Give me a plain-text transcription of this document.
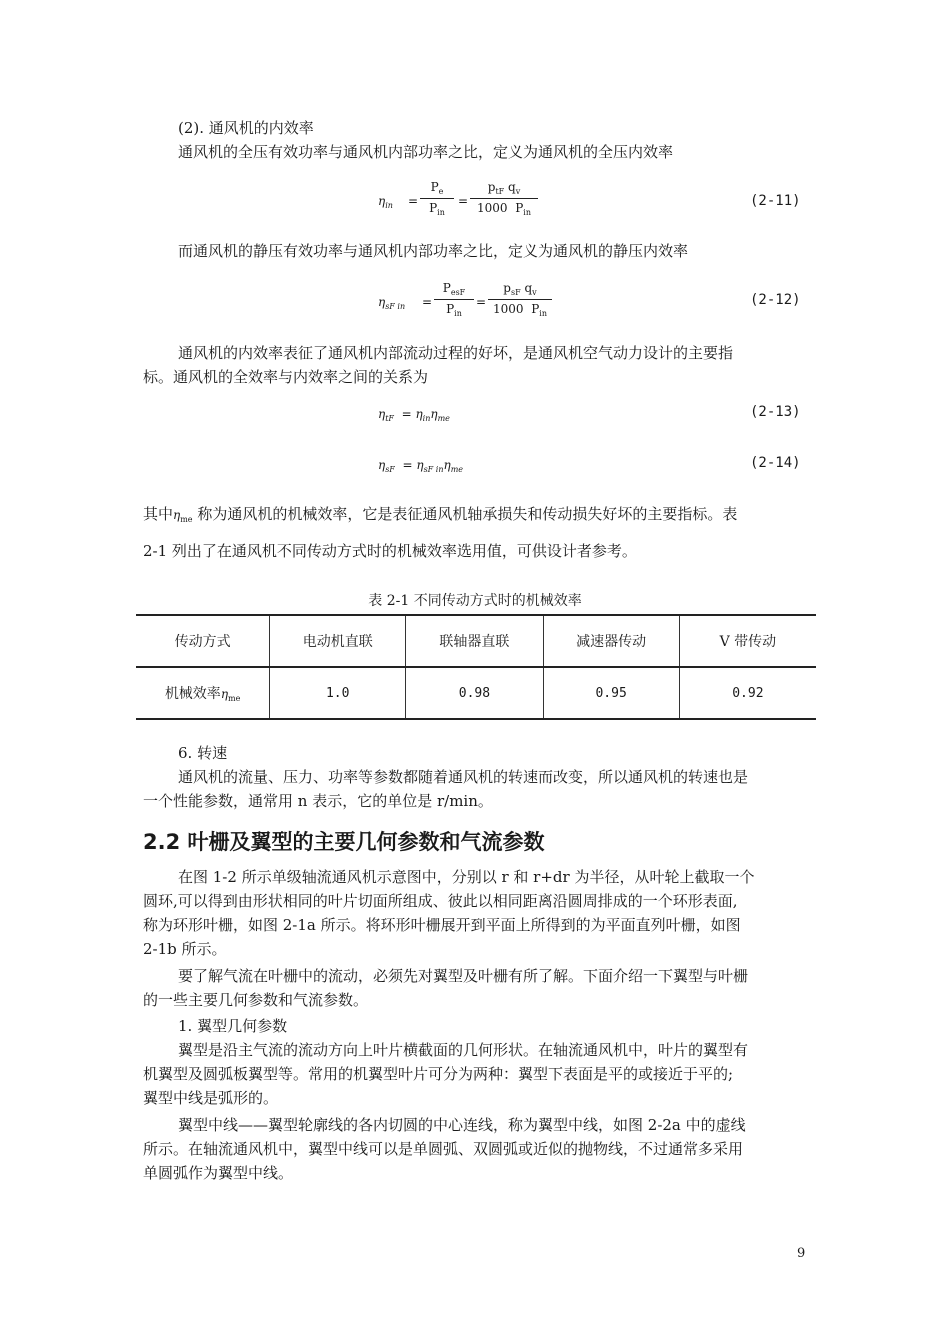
(2). 通风机的内效率
通风机的全压有效功率与通风机内部功率之比，定义为通风机的全压内效率
$\eta_{in}$ =
$P_e$
$P_{in}$
=
$p_{tF}$ $q_v$
1000 $P_{in}$
(2-11)
而通风机的静压有效功率与通风机内部功率之比，定义为通风机的静压内效率
$\eta_{sF in}$ =
$P_{esF}$
$P_{in}$
=
$p_{sF}$ $q_v$
1000 $P_{in}$
(2-12)
通风机的内效率表征了通风机内部流动过程的好坏，是通风机空气动力设计的主要指
标。通风机的全效率与内效率之间的关系为
$\eta_{tF} = \eta_{in}\eta_{me}$	(2-13)
$\eta_{sF} = \eta_{sF in}\eta_{me}$	(2-14)
其中$\eta_{me}$ 称为通风机的机械效率，它是表征通风机轴承损失和传动损失好坏的主要指标。表
2-1 列出了在通风机不同传动方式时的机械效率选用值，可供设计者参考。
表 2-1 不同传动方式时的机械效率
传动方式	电动机直联	联轴器直联	减速器传动	V 带传动
机械效率$\eta_{me}$	1.0	0.98	0.95	0.92
6. 转速
通风机的流量、压力、功率等参数都随着通风机的转速而改变，所以通风机的转速也是
一个性能参数，通常用 n 表示，它的单位是 r/min。
2.2 叶栅及翼型的主要几何参数和气流参数
在图 1-2 所示单级轴流通风机示意图中，分别以 r 和 r+dr 为半径，从叶轮上截取一个
圆环,可以得到由形状相同的叶片切面所组成、彼此以相同距离沿圆周排成的一个环形表面,
称为环形叶栅，如图 2-1a 所示。将环形叶栅展开到平面上所得到的为平面直列叶栅，如图
2-1b 所示。
要了解气流在叶栅中的流动，必须先对翼型及叶栅有所了解。下面介绍一下翼型与叶栅
的一些主要几何参数和气流参数。
1. 翼型几何参数
翼型是沿主气流的流动方向上叶片横截面的几何形状。在轴流通风机中，叶片的翼型有
机翼型及圆弧板翼型等。常用的机翼型叶片可分为两种：翼型下表面是平的或接近于平的;
翼型中线是弧形的。
翼型中线——翼型轮廓线的各内切圆的中心连线，称为翼型中线，如图 2-2a 中的虚线
所示。在轴流通风机中，翼型中线可以是单圆弧、双圆弧或近似的抛物线，不过通常多采用
单圆弧作为翼型中线。
9
